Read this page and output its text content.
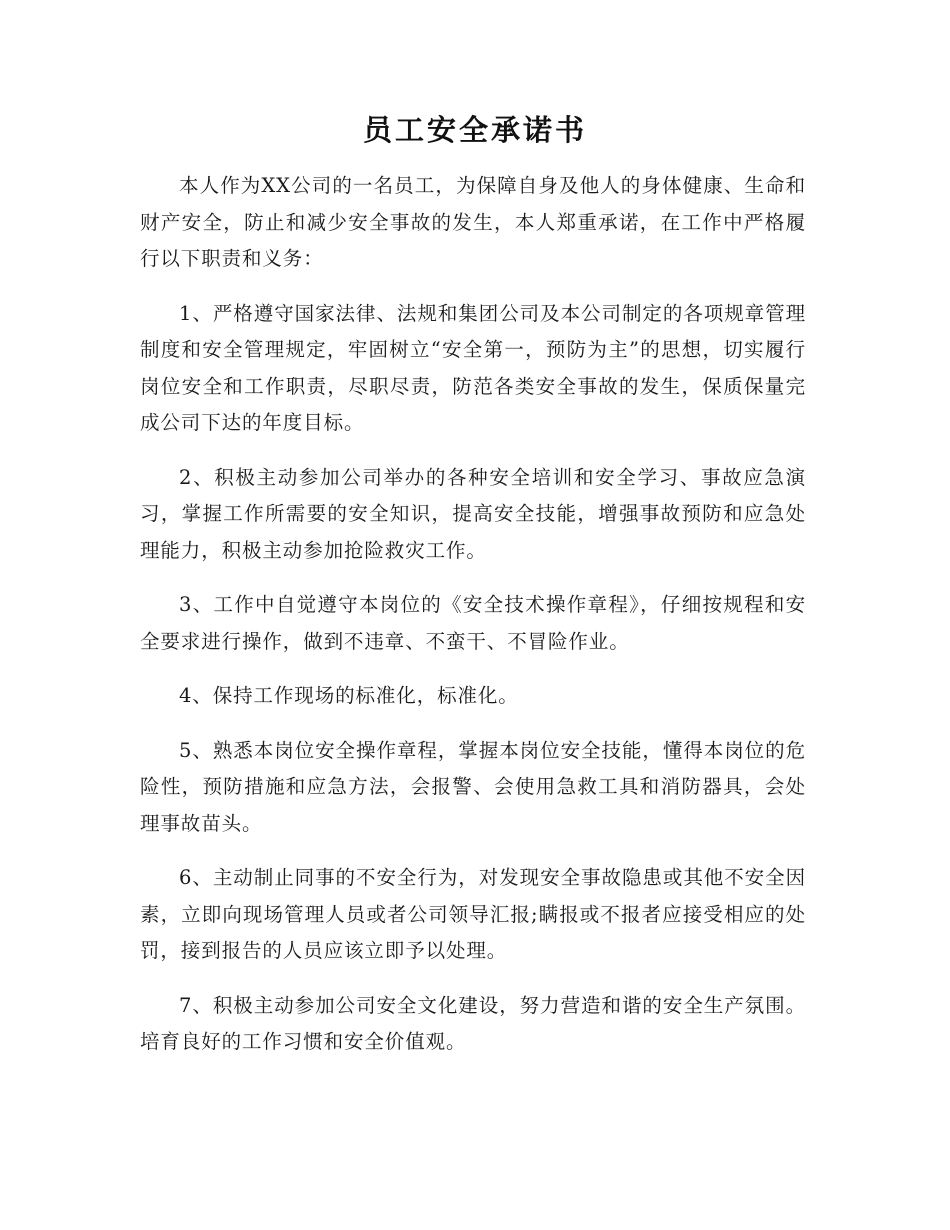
员工安全承诺书

本人作为XX公司的一名员工，为保障自身及他人的身体健康、生命和财产安全，防止和减少安全事故的发生，本人郑重承诺，在工作中严格履行以下职责和义务：

1、严格遵守国家法律、法规和集团公司及本公司制定的各项规章管理制度和安全管理规定，牢固树立“安全第一，预防为主”的思想，切实履行岗位安全和工作职责，尽职尽责，防范各类安全事故的发生，保质保量完成公司下达的年度目标。

2、积极主动参加公司举办的各种安全培训和安全学习、事故应急演习，掌握工作所需要的安全知识，提高安全技能，增强事故预防和应急处理能力，积极主动参加抢险救灾工作。

3、工作中自觉遵守本岗位的《安全技术操作章程》，仔细按规程和安全要求进行操作，做到不违章、不蛮干、不冒险作业。

4、保持工作现场的标准化，标准化。

5、熟悉本岗位安全操作章程，掌握本岗位安全技能，懂得本岗位的危险性，预防措施和应急方法，会报警、会使用急救工具和消防器具，会处理事故苗头。

6、主动制止同事的不安全行为，对发现安全事故隐患或其他不安全因素，立即向现场管理人员或者公司领导汇报;瞒报或不报者应接受相应的处罚，接到报告的人员应该立即予以处理。

7、积极主动参加公司安全文化建设，努力营造和谐的安全生产氛围。培育良好的工作习惯和安全价值观。
